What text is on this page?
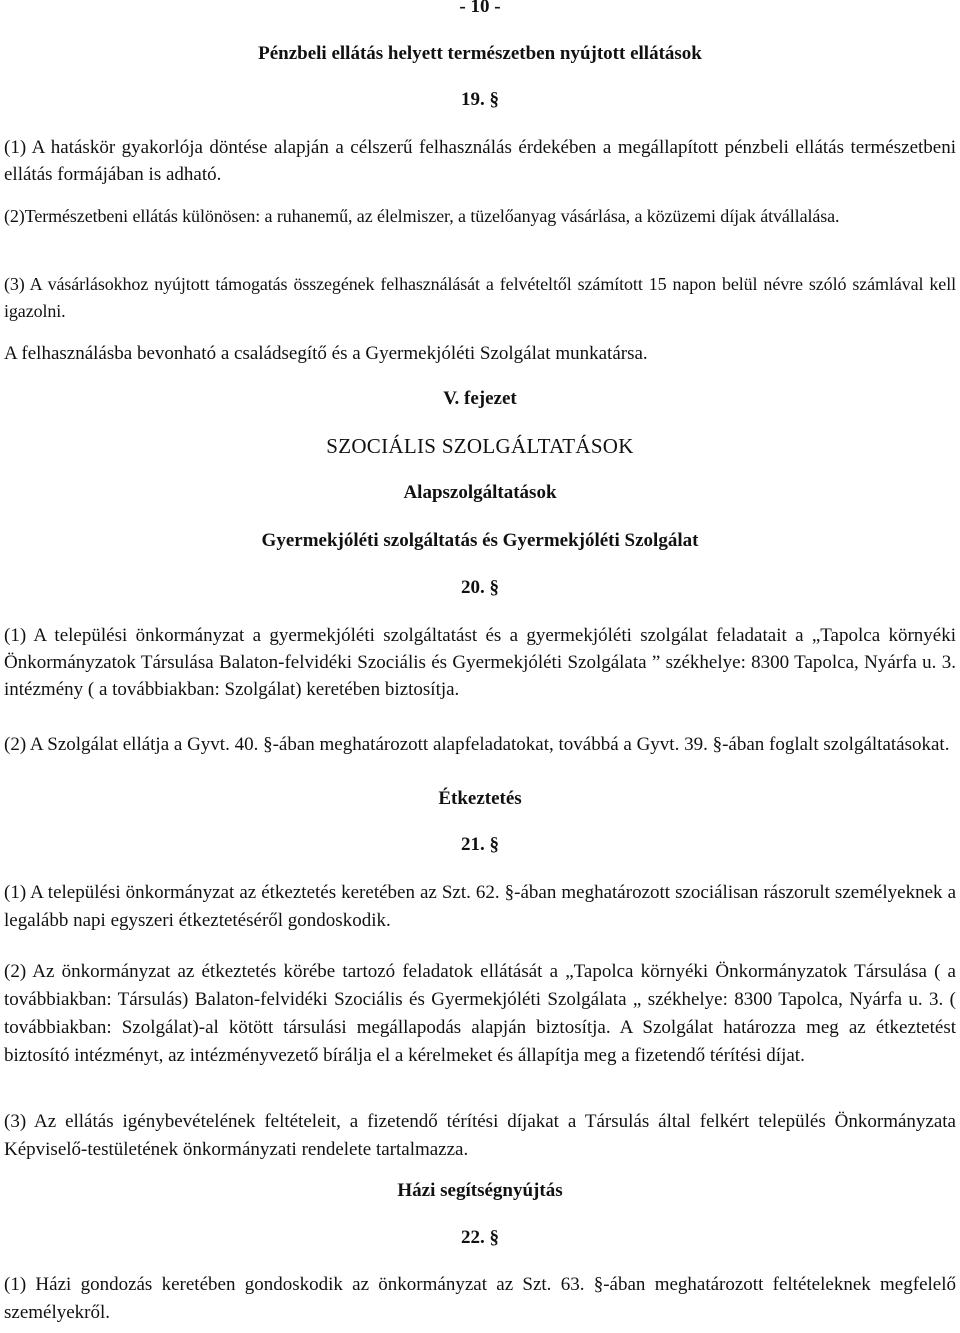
- 10 -
Pénzbeli ellátás helyett természetben nyújtott ellátások
19. §

(1) A hatáskör gyakorlója döntése alapján a célszerű felhasználás érdekében a megállapított pénzbeli ellátás természetbeni ellátás formájában is adható.

(2)Természetbeni ellátás különösen: a ruhanemű, az élelmiszer, a tüzelőanyag vásárlása, a közüzemi díjak átvállalása.

(3) A vásárlásokhoz nyújtott támogatás összegének felhasználását a felvételtől számított 15 napon belül névre szóló számlával kell igazolni.

A felhasználásba bevonható a családsegítő és a Gyermekjóléti Szolgálat munkatársa.

V. fejezet
SZOCIÁLIS SZOLGÁLTATÁSOK
Alapszolgáltatások
Gyermekjóléti szolgáltatás és Gyermekjóléti Szolgálat
20. §

(1) A települési önkormányzat a gyermekjóléti szolgáltatást és a gyermekjóléti szolgálat feladatait a „Tapolca környéki Önkormányzatok Társulása Balaton-felvidéki Szociális és Gyermekjóléti Szolgálata ” székhelye: 8300 Tapolca, Nyárfa u. 3. intézmény ( a továbbiakban: Szolgálat) keretében biztosítja.

(2) A Szolgálat ellátja a Gyvt. 40. §-ában meghatározott alapfeladatokat, továbbá a Gyvt. 39. §-ában foglalt szolgáltatásokat.

Étkeztetés
21. §

(1) A települési önkormányzat az étkeztetés keretében az Szt. 62. §-ában meghatározott szociálisan rászorult személyeknek a legalább napi egyszeri étkeztetéséről gondoskodik.

(2) Az önkormányzat az étkeztetés körébe tartozó feladatok ellátását a „Tapolca környéki Önkormányzatok Társulása ( a továbbiakban: Társulás) Balaton-felvidéki Szociális és Gyermekjóléti Szolgálata „ székhelye: 8300 Tapolca, Nyárfa u. 3. ( továbbiakban: Szolgálat)-al kötött társulási megállapodás alapján biztosítja. A Szolgálat határozza meg az étkeztetést biztosító intézményt, az intézményvezető bírálja el a kérelmeket és állapítja meg a fizetendő térítési díjat.

(3) Az ellátás igénybevételének feltételeit, a fizetendő térítési díjakat a Társulás által felkért település Önkormányzata Képviselő-testületének önkormányzati rendelete tartalmazza.

Házi segítségnyújtás
22. §

(1) Házi gondozás keretében gondoskodik az önkormányzat az Szt. 63. §-ában meghatározott feltételeknek megfelelő személyekről.
